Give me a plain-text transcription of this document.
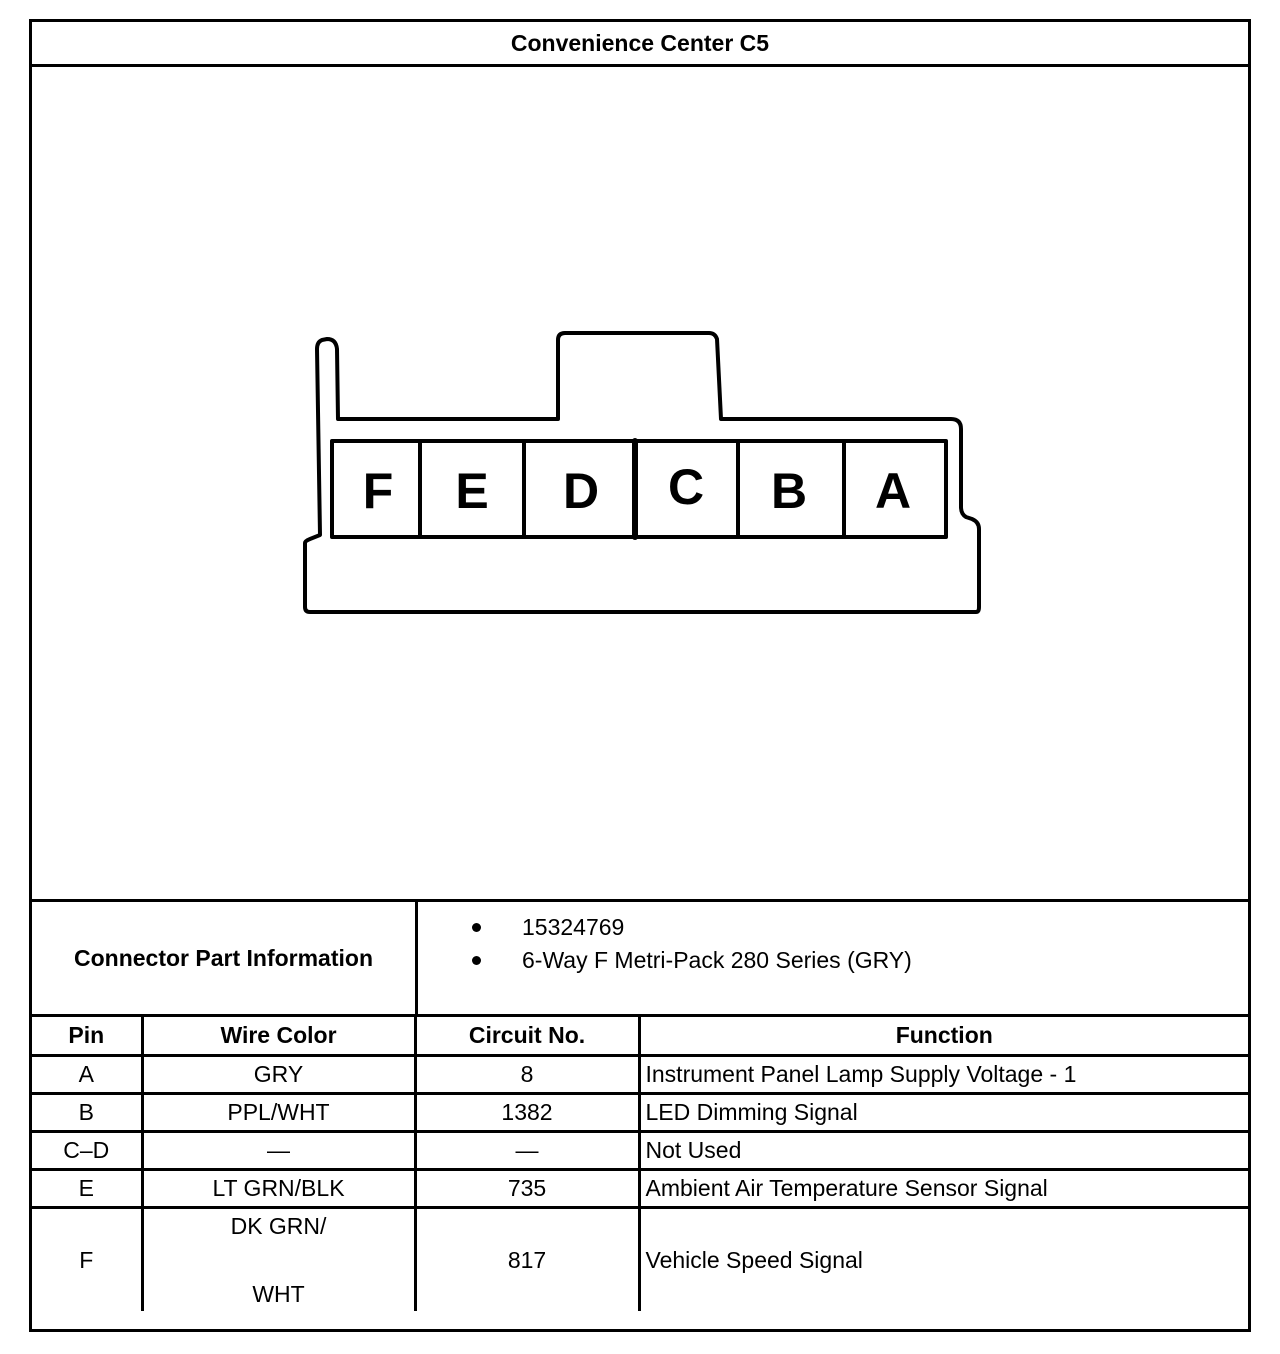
Convenience Center C5
F E D C B A
Connector Part Information
15324769
6-Way F Metri-Pack 280 Series (GRY)
Pin	Wire Color	Circuit No.	Function
A	GRY	8	Instrument Panel Lamp Supply Voltage - 1
B	PPL/WHT	1382	LED Dimming Signal
C–D	—	—	Not Used
E	LT GRN/BLK	735	Ambient Air Temperature Sensor Signal
F	DK GRN/

WHT	817	Vehicle Speed Signal
